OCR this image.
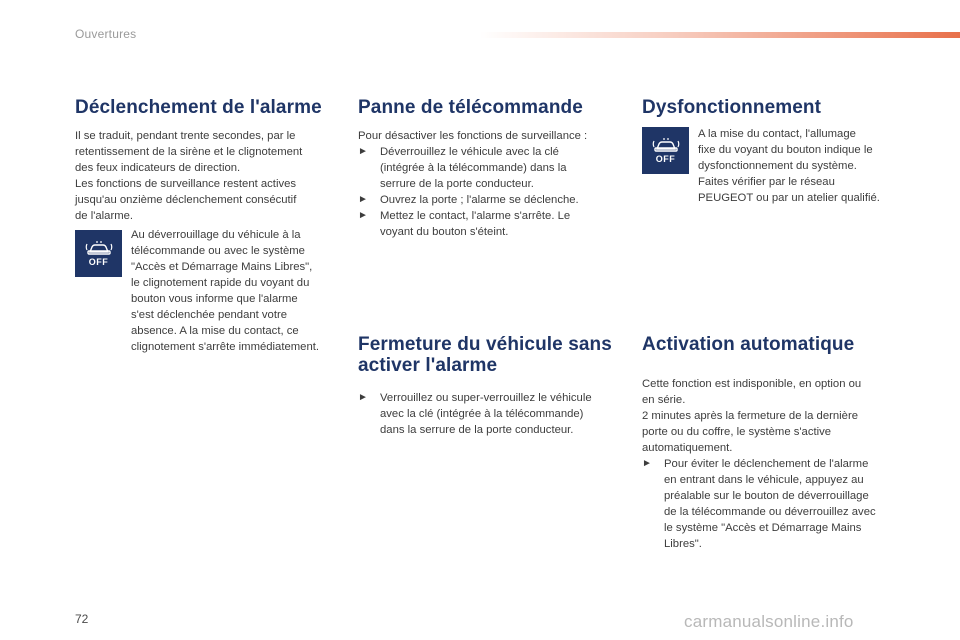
Ouvertures
Déclenchement de l'alarme

Il se traduit, pendant trente secondes, par le

retentissement de la sirène et le clignotement

des feux indicateurs de direction.

Les fonctions de surveillance restent actives

jusqu'au onzième déclenchement consécutif

de l'alarme.

OFF

Au déverrouillage du véhicule à la

télécommande ou avec le système

"Accès et Démarrage Mains Libres",

le clignotement rapide du voyant du

bouton vous informe que l'alarme

s'est déclenchée pendant votre

absence. A la mise du contact, ce

clignotement s'arrête immédiatement.

Panne de télécommande

Pour désactiver les fonctions de surveillance :

► Déverrouillez le véhicule avec la clé

(intégrée à la télécommande) dans la

serrure de la porte conducteur.

► Ouvrez la porte ; l'alarme se déclenche.

► Mettez le contact, l'alarme s'arrête. Le

voyant du bouton s'éteint.

Fermeture du véhicule sans
activer l'alarme
► Verrouillez ou super-verrouillez le véhicule

avec la clé (intégrée à la télécommande)

dans la serrure de la porte conducteur.

Dysfonctionnement
OFF

A la mise du contact, l'allumage

fixe du voyant du bouton indique le

dysfonctionnement du système.

Faites vérifier par le réseau

PEUGEOT ou par un atelier qualifié.

Activation automatique

Cette fonction est indisponible, en option ou

en série.

2 minutes après la fermeture de la dernière

porte ou du coffre, le système s'active

automatiquement.

► Pour éviter le déclenchement de l'alarme

en entrant dans le véhicule, appuyez au

préalable sur le bouton de déverrouillage

de la télécommande ou déverrouillez avec

le système "Accès et Démarrage Mains

Libres".

72	carmanualsonline.info
